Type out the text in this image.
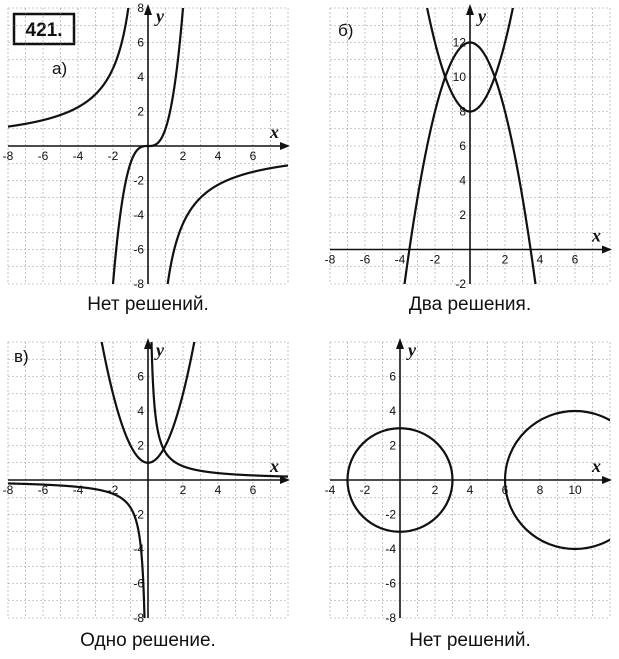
421.
x
y
-8 -6 -4 -2	2 4 6
8
6
4
2
-2
-4
-6
-8
а)
Нет решений.
x
y
-8 -6 -4 -2	2 4 6
12
10
8
6
4
2
-2
б)
Два решения.
x
y
-8 -6 -4 -2	2 4 6
6
4
2
-2
-4
-6
-8
в)
Одно решение.
x
y
-4 -2	2 4 6 8 10
6
4
2
-2
-4
-6
-8
Нет решений.
